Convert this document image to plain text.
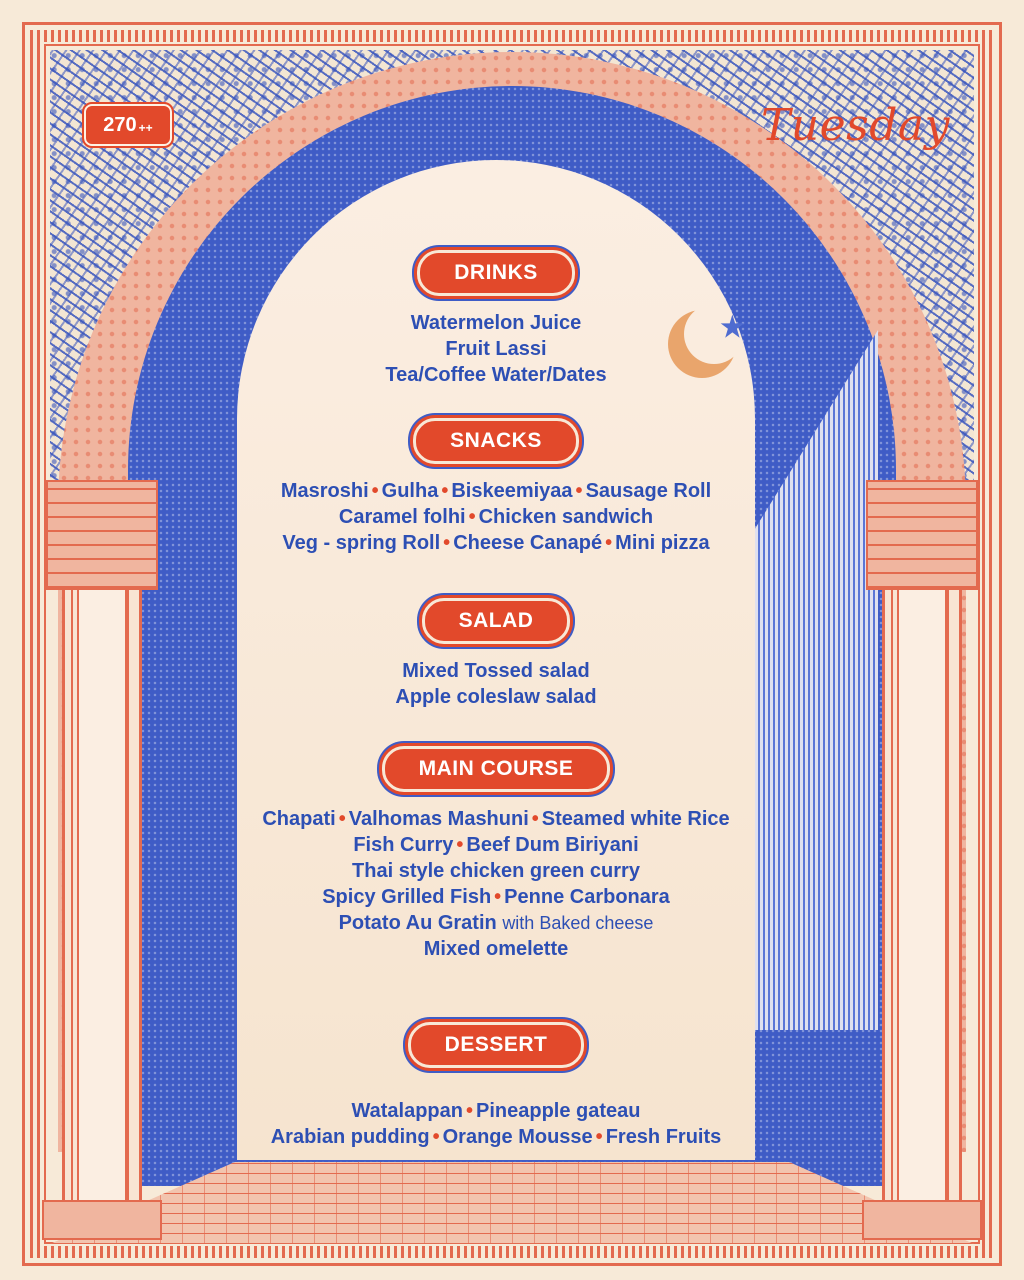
270 ++	Tuesday
DRINKS
Watermelon Juice
Fruit Lassi
Tea/Coffee Water/Dates
SNACKS
Masroshi • Gulha • Biskeemiyaa • Sausage Roll
Caramel folhi • Chicken sandwich
Veg - spring Roll • Cheese Canapé • Mini pizza
SALAD
Mixed Tossed salad
Apple coleslaw salad
MAIN COURSE
Chapati • Valhomas Mashuni • Steamed white Rice
Fish Curry • Beef Dum Biriyani
Thai style chicken green curry
Spicy Grilled Fish • Penne Carbonara
Potato Au Gratin with Baked cheese
Mixed omelette
DESSERT
Watalappan • Pineapple gateau
Arabian pudding • Orange Mousse • Fresh Fruits
